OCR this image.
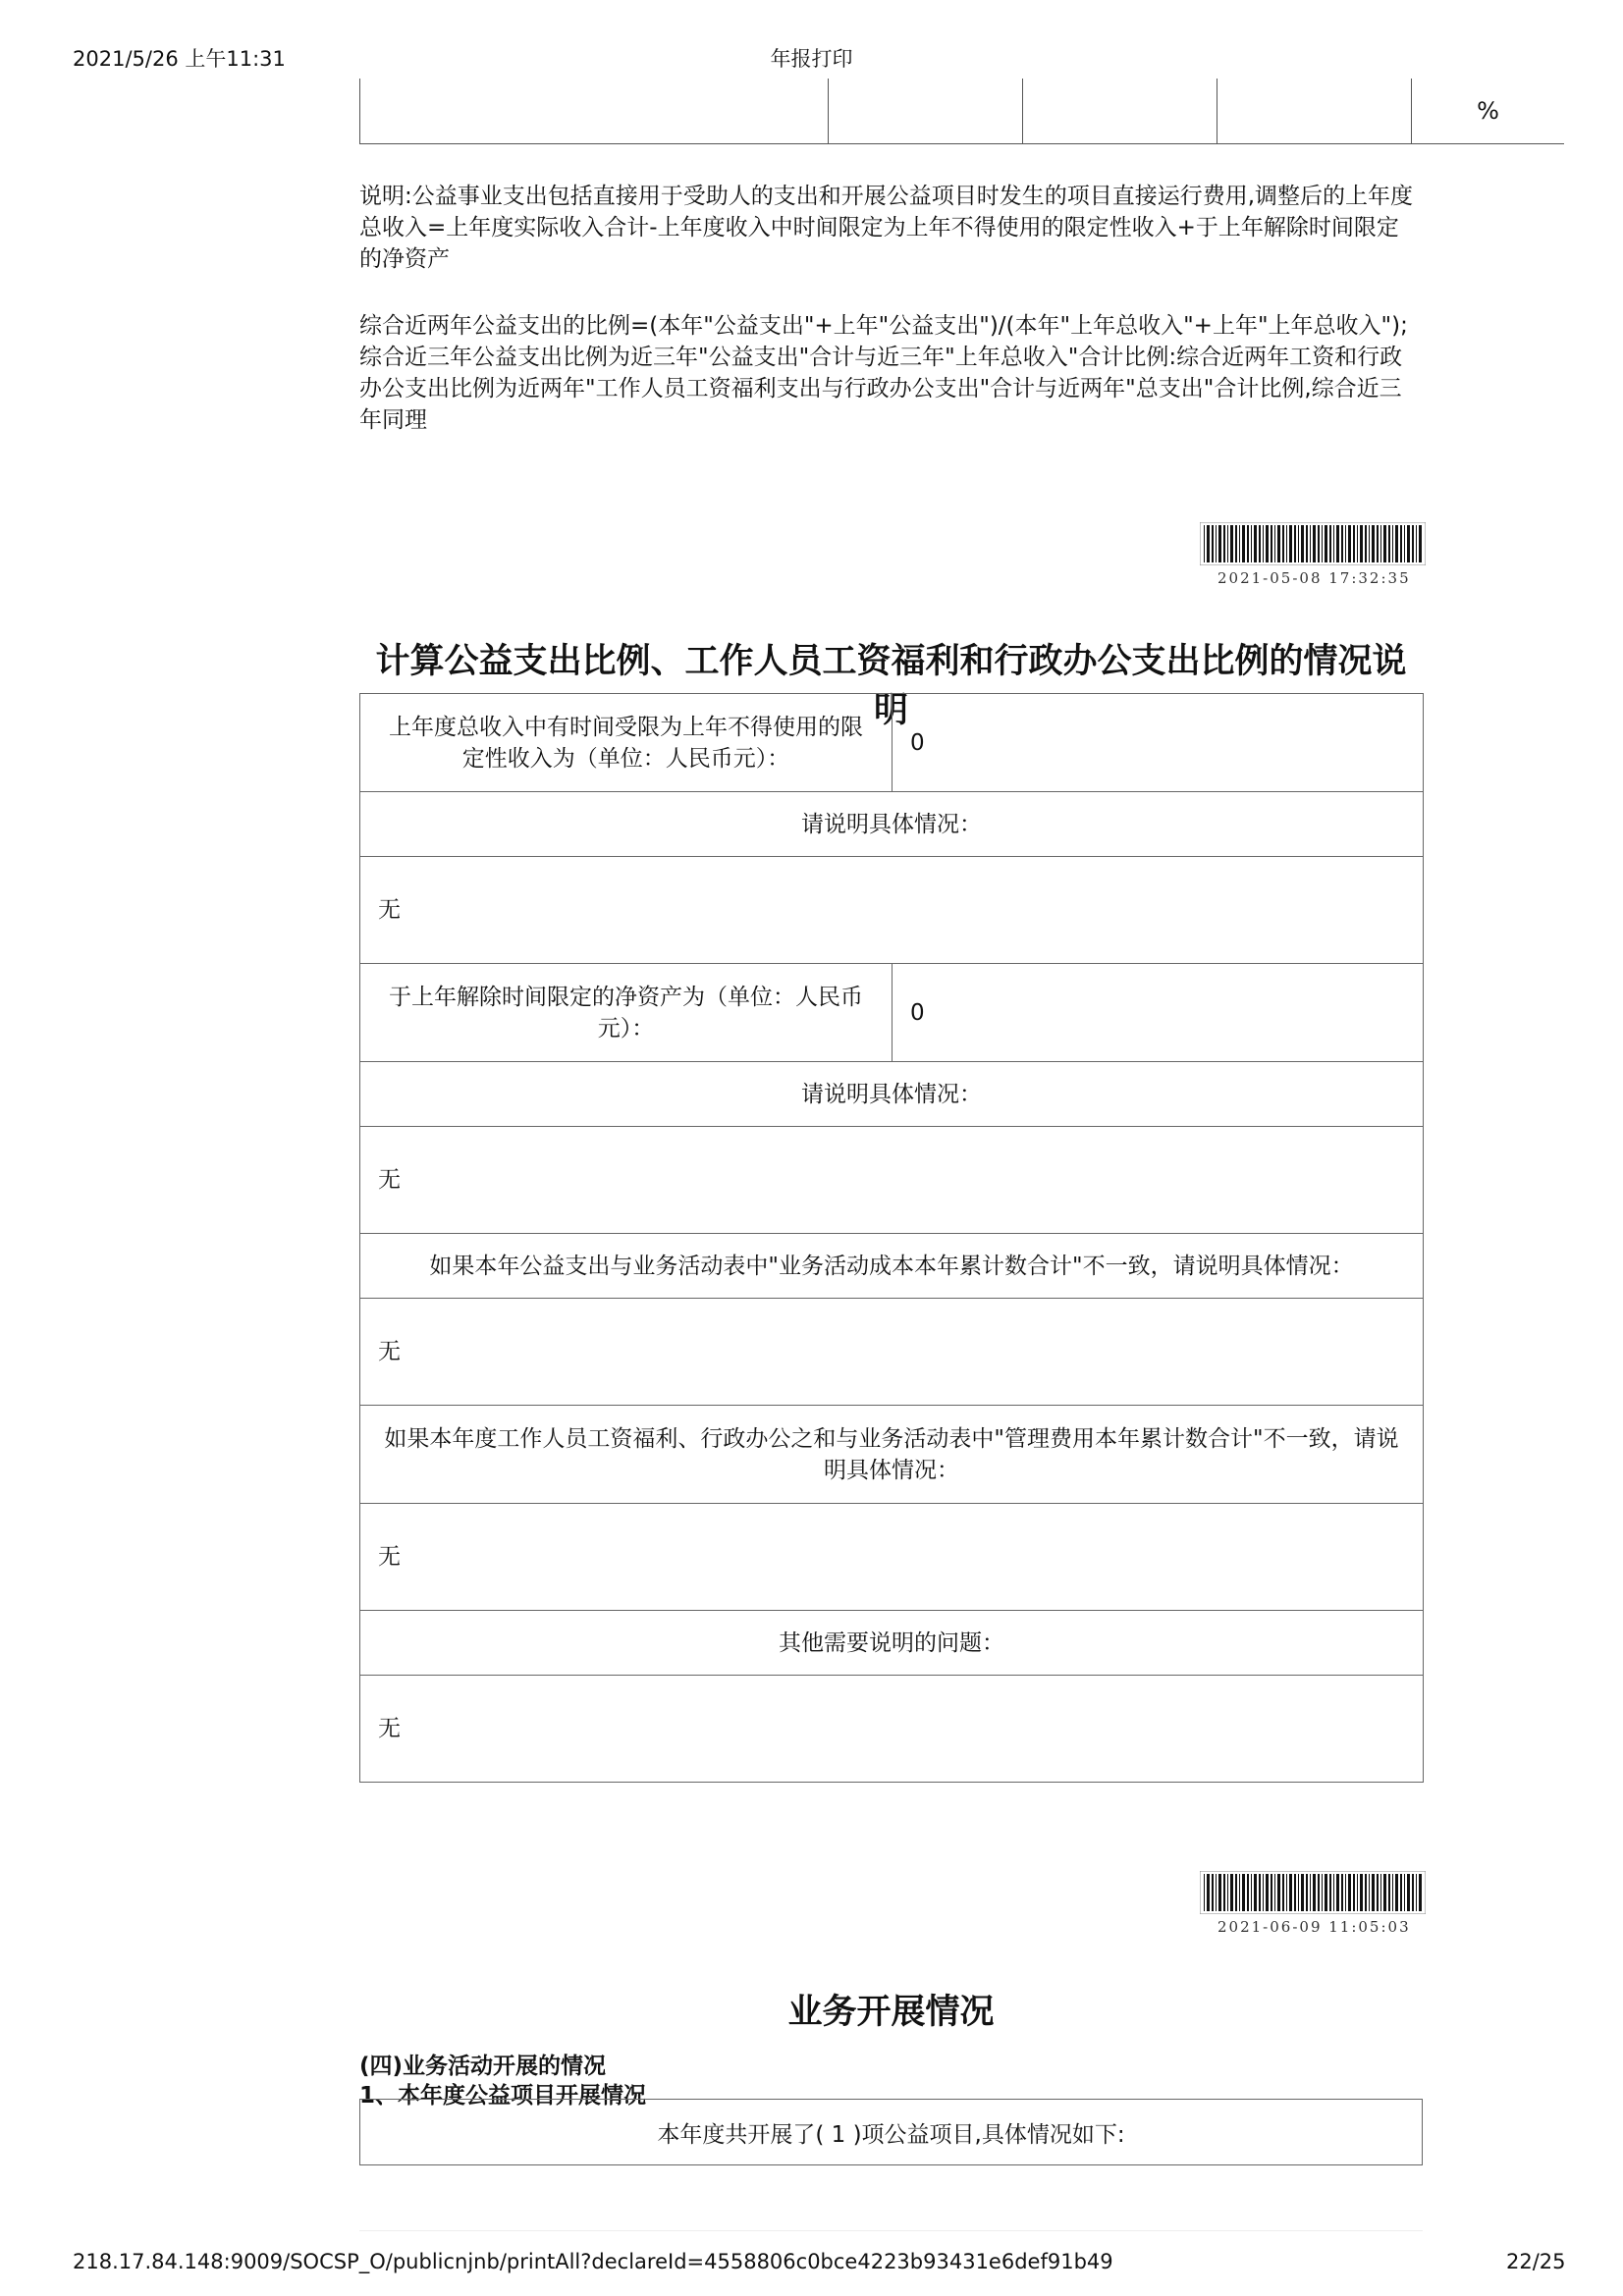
2021/5/26 上午11:31	年报打印
				%
说明:公益事业支出包括直接用于受助人的支出和开展公益项目时发生的项目直接运行费用,调整后的上年度总收入=上年度实际收入合计-上年度收入中时间限定为上年不得使用的限定性收入+于上年解除时间限定的净资产
综合近两年公益支出的比例=(本年"公益支出"+上年"公益支出")/(本年"上年总收入"+上年"上年总收入");综合近三年公益支出比例为近三年"公益支出"合计与近三年"上年总收入"合计比例:综合近两年工资和行政办公支出比例为近两年"工作人员工资福利支出与行政办公支出"合计与近两年"总支出"合计比例,综合近三年同理
2021-05-08 17:32:35
计算公益支出比例、工作人员工资福利和行政办公支出比例的情况说明
上年度总收入中有时间受限为上年不得使用的限定性收入为（单位：人民币元）：	0
请说明具体情况：	
无	
于上年解除时间限定的净资产为（单位：人民币元）：	0
请说明具体情况：	
无	
如果本年公益支出与业务活动表中"业务活动成本本年累计数合计"不一致，请说明具体情况：	
无	
如果本年度工作人员工资福利、行政办公之和与业务活动表中"管理费用本年累计数合计"不一致，请说明具体情况：	
无	
其他需要说明的问题：	
无	
2021-06-09 11:05:03
业务开展情况
(四)业务活动开展的情况
1、本年度公益项目开展情况
本年度共开展了( 1 )项公益项目,具体情况如下:
218.17.84.148:9009/SOCSP_O/publicnjnb/printAll?declareId=4558806c0bce4223b93431e6def91b49	22/25
